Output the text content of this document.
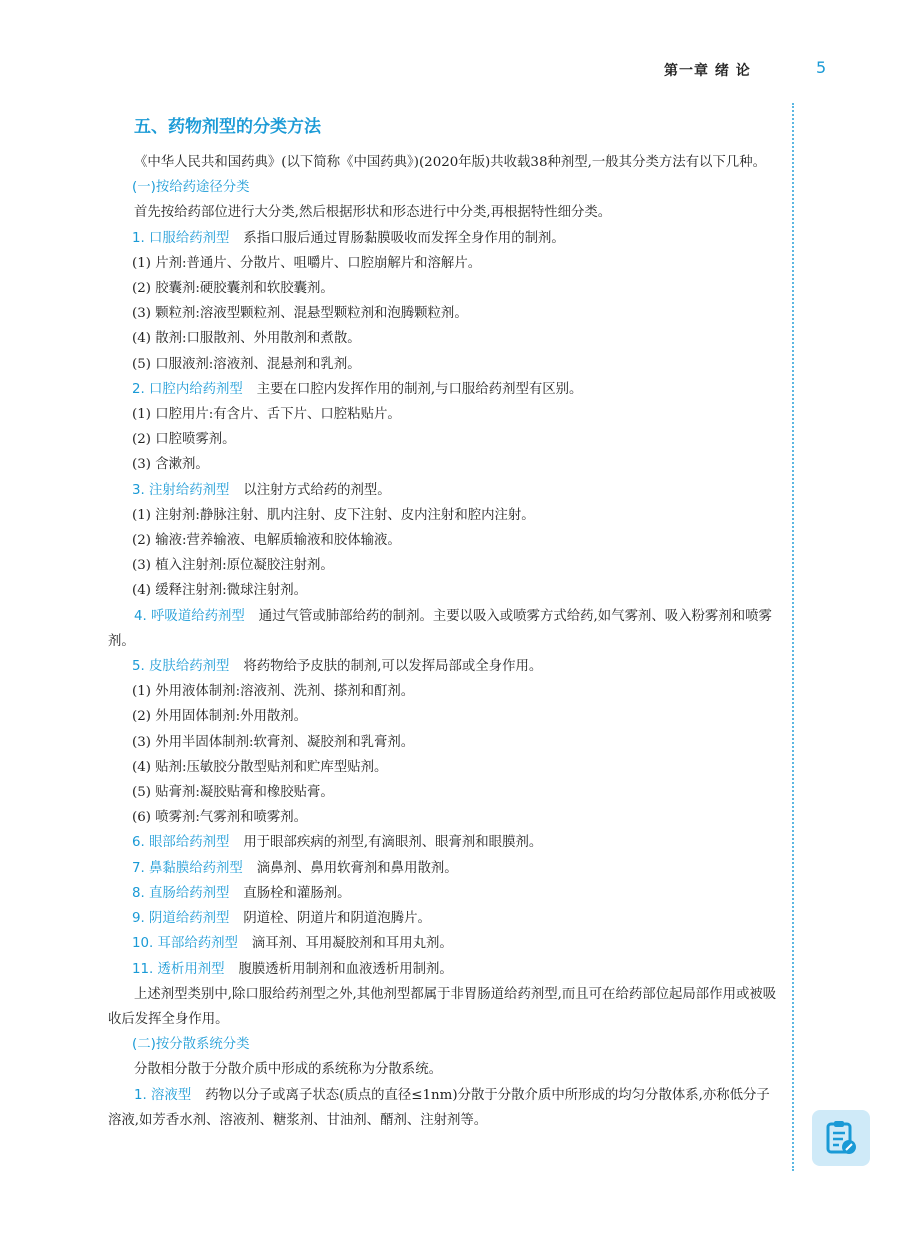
第一章 绪 论	5
五、药物剂型的分类方法

《中华人民共和国药典》(以下简称《中国药典》)(2020年版)共收载38种剂型,一般其分类方法有以下几种。

(一)按给药途径分类

首先按给药部位进行大分类,然后根据形状和形态进行中分类,再根据特性细分类。

1. 口服给药剂型 系指口服后通过胃肠黏膜吸收而发挥全身作用的制剂。

(1) 片剂:普通片、分散片、咀嚼片、口腔崩解片和溶解片。

(2) 胶囊剂:硬胶囊剂和软胶囊剂。

(3) 颗粒剂:溶液型颗粒剂、混悬型颗粒剂和泡腾颗粒剂。

(4) 散剂:口服散剂、外用散剂和煮散。

(5) 口服液剂:溶液剂、混悬剂和乳剂。

2. 口腔内给药剂型 主要在口腔内发挥作用的制剂,与口服给药剂型有区别。

(1) 口腔用片:有含片、舌下片、口腔粘贴片。

(2) 口腔喷雾剂。

(3) 含漱剂。

3. 注射给药剂型 以注射方式给药的剂型。

(1) 注射剂:静脉注射、肌内注射、皮下注射、皮内注射和腔内注射。

(2) 输液:营养输液、电解质输液和胶体输液。

(3) 植入注射剂:原位凝胶注射剂。

(4) 缓释注射剂:微球注射剂。

4. 呼吸道给药剂型 通过气管或肺部给药的制剂。主要以吸入或喷雾方式给药,如气雾剂、吸入粉雾剂和喷雾剂。

5. 皮肤给药剂型 将药物给予皮肤的制剂,可以发挥局部或全身作用。

(1) 外用液体制剂:溶液剂、洗剂、搽剂和酊剂。

(2) 外用固体制剂:外用散剂。

(3) 外用半固体制剂:软膏剂、凝胶剂和乳膏剂。

(4) 贴剂:压敏胶分散型贴剂和贮库型贴剂。

(5) 贴膏剂:凝胶贴膏和橡胶贴膏。

(6) 喷雾剂:气雾剂和喷雾剂。

6. 眼部给药剂型 用于眼部疾病的剂型,有滴眼剂、眼膏剂和眼膜剂。

7. 鼻黏膜给药剂型 滴鼻剂、鼻用软膏剂和鼻用散剂。

8. 直肠给药剂型 直肠栓和灌肠剂。

9. 阴道给药剂型 阴道栓、阴道片和阴道泡腾片。

10. 耳部给药剂型 滴耳剂、耳用凝胶剂和耳用丸剂。

11. 透析用剂型 腹膜透析用制剂和血液透析用制剂。

上述剂型类别中,除口服给药剂型之外,其他剂型都属于非胃肠道给药剂型,而且可在给药部位起局部作用或被吸收后发挥全身作用。

(二)按分散系统分类

分散相分散于分散介质中形成的系统称为分散系统。

1. 溶液型 药物以分子或离子状态(质点的直径≤1nm)分散于分散介质中所形成的均匀分散体系,亦称低分子溶液,如芳香水剂、溶液剂、糖浆剂、甘油剂、醑剂、注射剂等。
